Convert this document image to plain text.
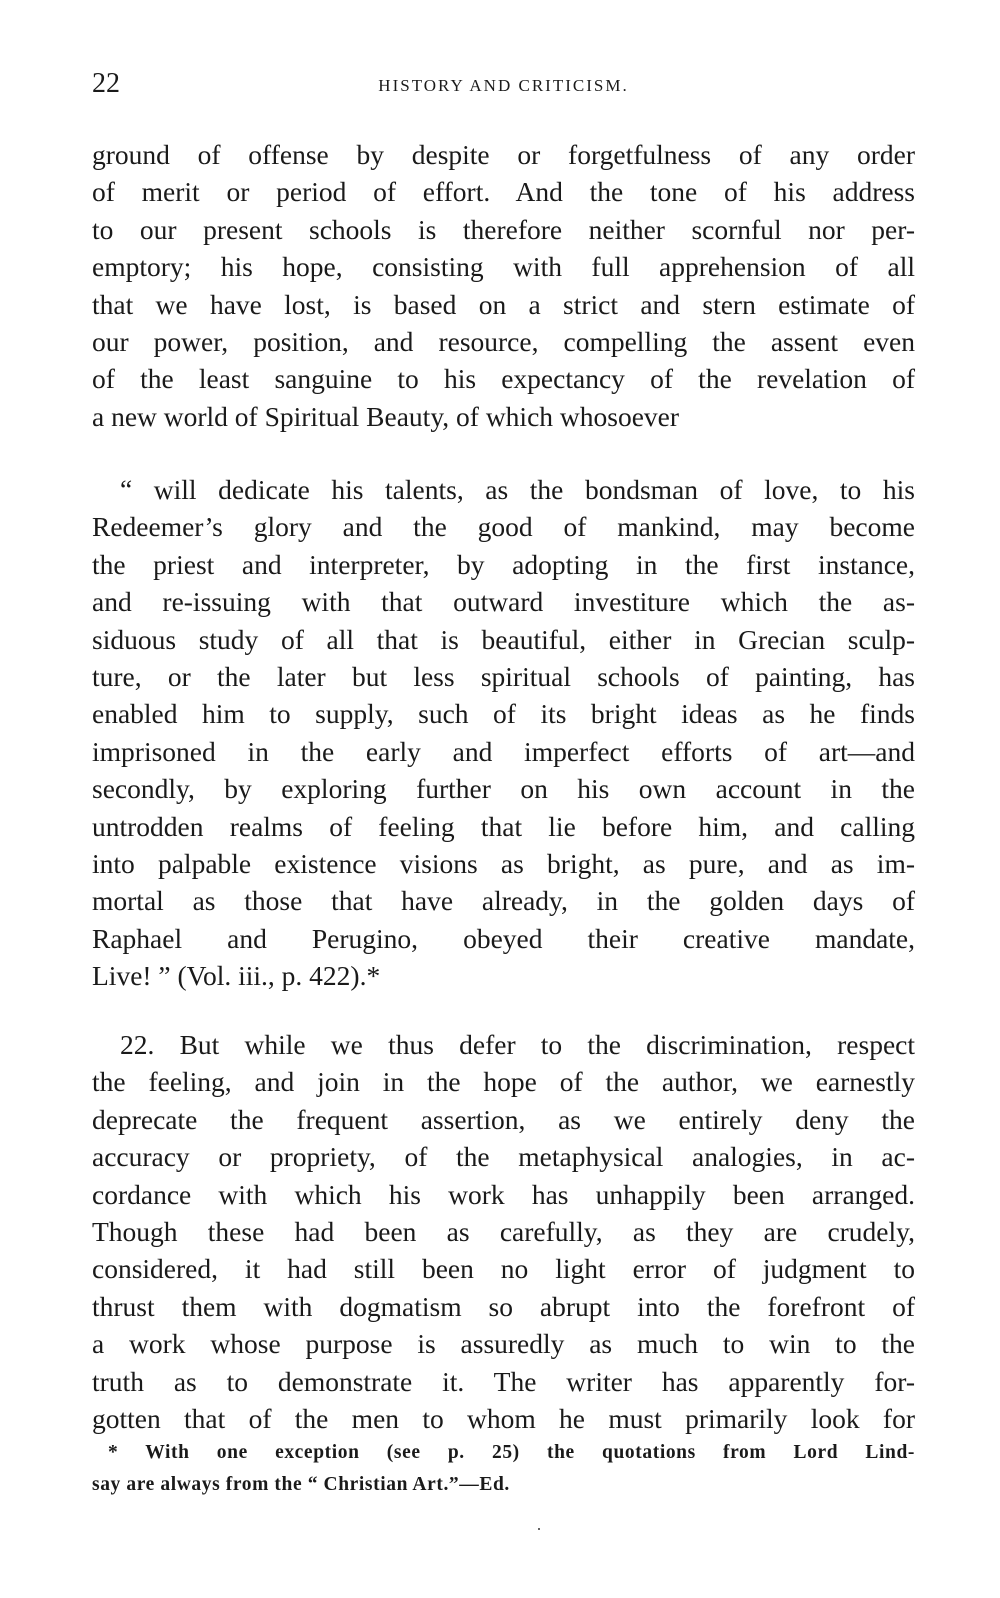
22	HISTORY AND CRITICISM.
ground of offense by despite or forgetfulness of any order
of merit or period of effort. And the tone of his address
to our present schools is therefore neither scornful nor per-
emptory; his hope, consisting with full apprehension of all
that we have lost, is based on a strict and stern estimate of
our power, position, and resource, compelling the assent even
of the least sanguine to his expectancy of the revelation of
a new world of Spiritual Beauty, of which whosoever
“ will dedicate his talents, as the bondsman of love, to his
Redeemer’s glory and the good of mankind, may become
the priest and interpreter, by adopting in the first instance,
and re-issuing with that outward investiture which the as-
siduous study of all that is beautiful, either in Grecian sculp-
ture, or the later but less spiritual schools of painting, has
enabled him to supply, such of its bright ideas as he finds
imprisoned in the early and imperfect efforts of art—and
secondly, by exploring further on his own account in the
untrodden realms of feeling that lie before him, and calling
into palpable existence visions as bright, as pure, and as im-
mortal as those that have already, in the golden days of
Raphael and Perugino, obeyed their creative mandate,
Live! ” (Vol. iii., p. 422).*
22. But while we thus defer to the discrimination, respect
the feeling, and join in the hope of the author, we earnestly
deprecate the frequent assertion, as we entirely deny the
accuracy or propriety, of the metaphysical analogies, in ac-
cordance with which his work has unhappily been arranged.
Though these had been as carefully, as they are crudely,
considered, it had still been no light error of judgment to
thrust them with dogmatism so abrupt into the forefront of
a work whose purpose is assuredly as much to win to the
truth as to demonstrate it. The writer has apparently for-
gotten that of the men to whom he must primarily look for
* With one exception (see p. 25) the quotations from Lord Lind-
say are always from the “ Christian Art.”—Ed.
